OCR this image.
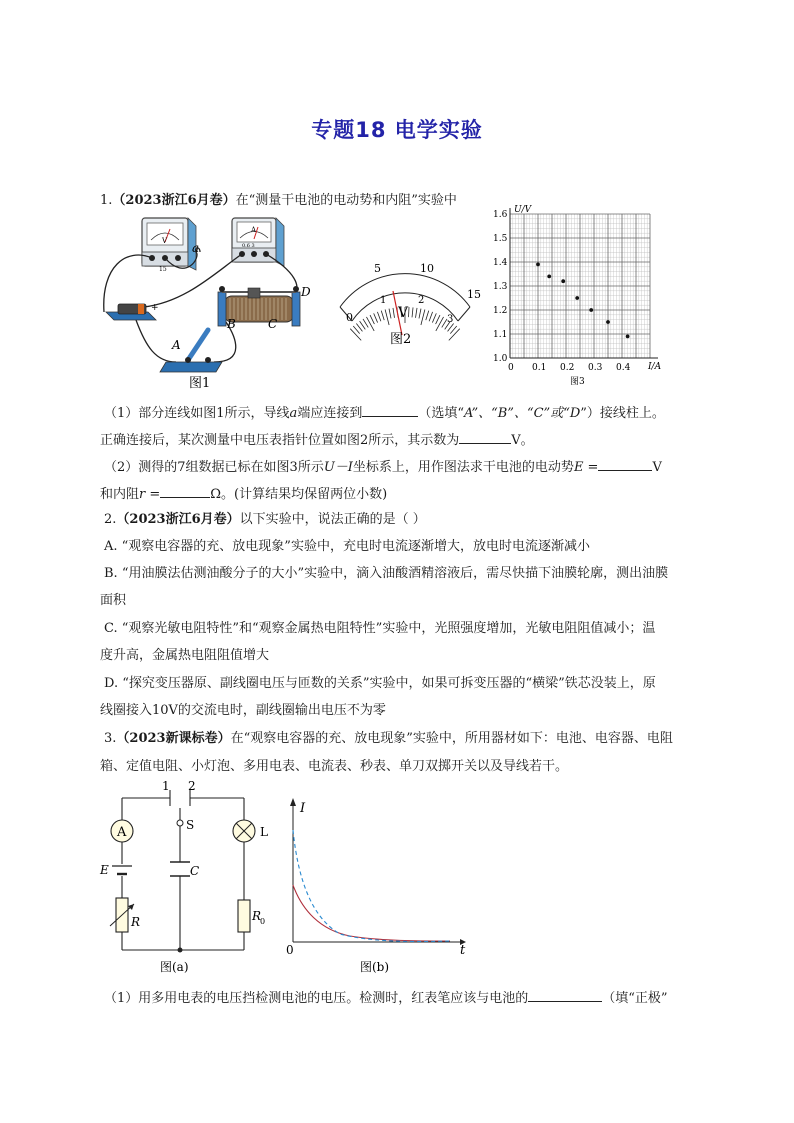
专题18 电学实验
1.（2023浙江6月卷）在“测量干电池的电动势和内阻”实验中
V
15
A
0.6 3
a
+
D
B	C
A
图1
0
5	10
15
1	2
3
V
图2
1.0
1.1
1.2
1.3
1.4
1.5
1.6
0 0.1 0.2 0.3 0.4
U/V
I/A
图3
（1）部分连线如图1所示，导线a端应连接到	（选填“A”、“B”、“C”或“D”）接线柱上。
正确连接后，某次测量中电压表指针位置如图2所示，其示数为	V。
（2）测得的7组数据已标在如图3所示U－I坐标系上，用作图法求干电池的电动势E =	V
和内阻r =	Ω。(计算结果均保留两位小数)
2.（2023浙江6月卷）以下实验中，说法正确的是（ ）
A. “观察电容器的充、放电现象”实验中，充电时电流逐渐增大，放电时电流逐渐减小
B. “用油膜法估测油酸分子的大小”实验中，滴入油酸酒精溶液后，需尽快描下油膜轮廓，测出油膜
面积
C. “观察光敏电阻特性”和“观察金属热电阻特性”实验中，光照强度增加，光敏电阻阻值减小；温
度升高，金属热电阻阻值增大
D. “探究变压器原、副线圈电压与匝数的关系”实验中，如果可拆变压器的“横梁”铁芯没装上，原
线圈接入10V的交流电时，副线圈输出电压不为零
3.（2023新课标卷）在“观察电容器的充、放电现象”实验中，所用器材如下：电池、电容器、电阻
箱、定值电阻、小灯泡、多用电表、电流表、秒表、单刀双掷开关以及导线若干。
A
1 2
S	L
E	C
R	R
0
图(a)
I
t
0
图(b)
（1）用多用电表的电压挡检测电池的电压。检测时，红表笔应该与电池的	（填“正极”
